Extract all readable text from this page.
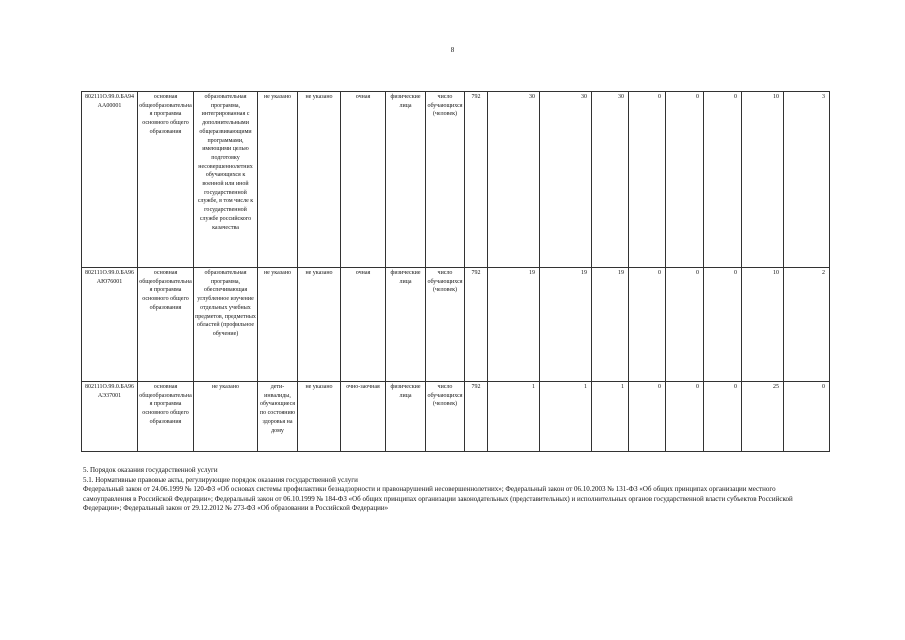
8
802111О.99.0.БА94АА00001	основная общеобразовательная программа основного общего образования	образовательная программа, интегрированная с дополнительными общеразвивающими программами, имеющими целью подготовку несовершеннолетних обучающихся к военной или иной государственной службе, в том числе к государственной службе российского казачества	не указано	не указано	очная	физические лица	число обучающихся (человек)	792	30	30	30	0	0	0	10	3
802111О.99.0.БА96АЮ76001	основная общеобразовательная программа основного общего образования	образовательная программа, обеспечивающая углубленное изучение отдельных учебных предметов, предметных областей (профильное обучение)	не указано	не указано	очная	физические лица	число обучающихся (человек)	792	19	19	19	0	0	0	10	2
802111О.99.0.БА96АЭ37001	основная общеобразовательная программа основного общего образования	не указано	дети-инвалиды, обучающиеся по состоянию здоровья на дому	не указано	очно-заочная	физические лица	число обучающихся (человек)	792	1	1	1	0	0	0	25	0
5. Порядок оказания государственной услуги
5.1. Нормативные правовые акты, регулирующие порядок оказания государственной услуги
Федеральный закон от 24.06.1999 № 120-ФЗ «Об основах системы профилактики безнадзорности и правонарушений несовершеннолетних»; Федеральный закон от 06.10.2003 № 131-ФЗ «Об общих принципах организации местного самоуправления в Российской Федерации»; Федеральный закон от 06.10.1999 № 184-ФЗ «Об общих принципах организации законодательных (представительных) и исполнительных органов государственной власти субъектов Российской Федерации»; Федеральный закон от 29.12.2012 № 273-ФЗ «Об образовании в Российской Федерации»
